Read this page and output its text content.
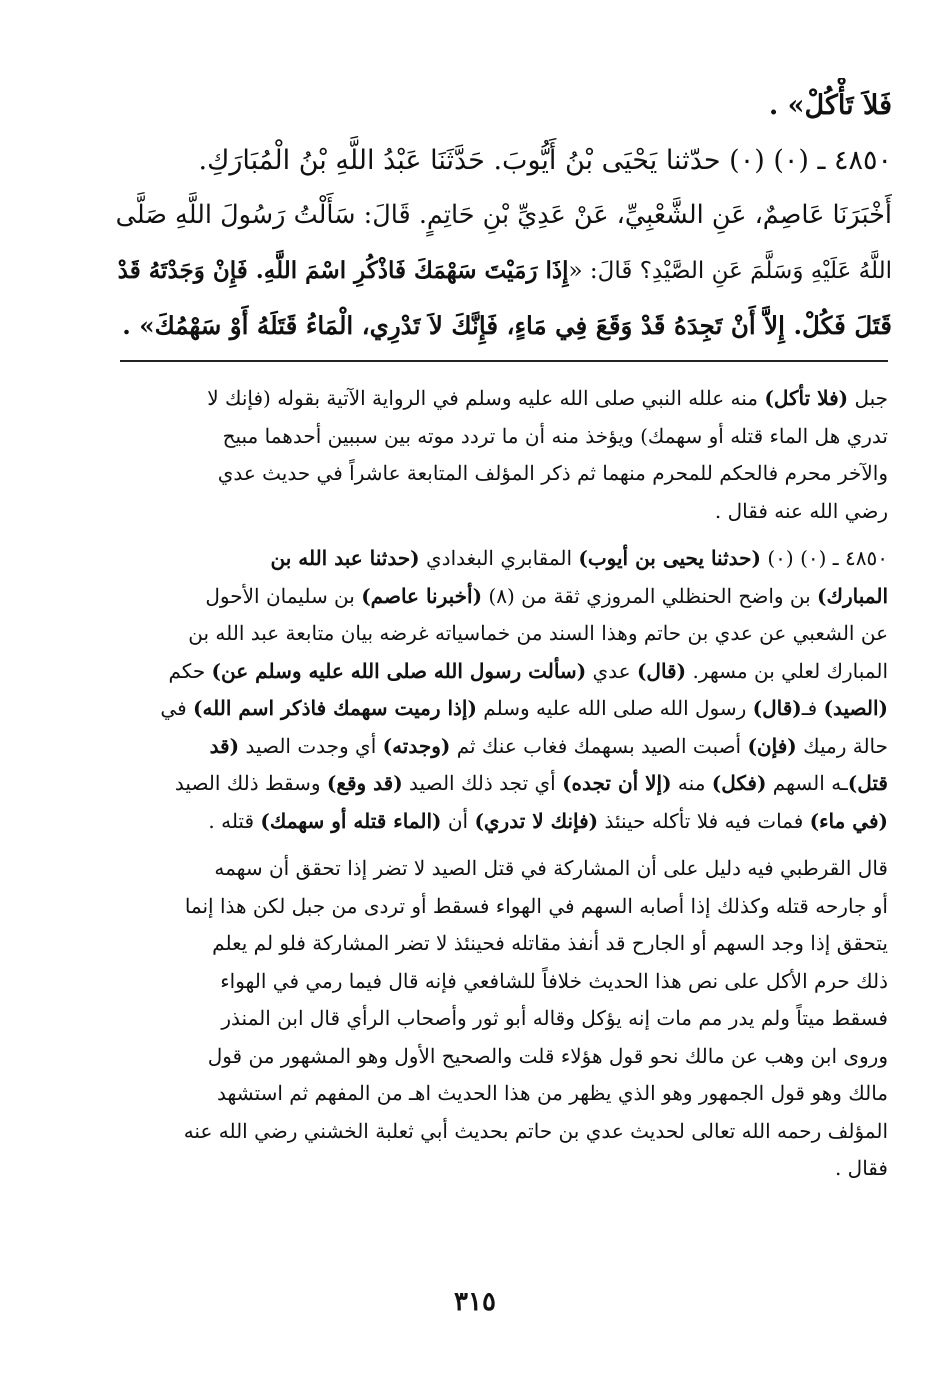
فَلاَ تَأْكُلْ» .
٤٨٥٠ ـ (٠) (٠) حدّثنا يَحْيَى بْنُ أَيُّوبَ. حَدَّثَنَا عَبْدُ اللَّهِ بْنُ الْمُبَارَكِ.
أَخْبَرَنَا عَاصِمٌ، عَنِ الشَّعْبِيِّ، عَنْ عَدِيِّ بْنِ حَاتِمٍ. قَالَ: سَأَلْتُ رَسُولَ اللَّهِ صَلَّى
اللَّهُ عَلَيْهِ وَسَلَّمَ عَنِ الصَّيْدِ؟ قَالَ: «إِذَا رَمَيْتَ سَهْمَكَ فَاذْكُرِ اسْمَ اللَّهِ. فَإِنْ وَجَدْتَهُ قَدْ
قَتَلَ فَكُلْ. إِلاَّ أَنْ تَجِدَهُ قَدْ وَقَعَ فِي مَاءٍ، فَإِنَّكَ لاَ تَدْرِي، الْمَاءُ قَتَلَهُ أَوْ سَهْمُكَ» .
جبل (فلا تأكل) منه علله النبي صلى الله عليه وسلم في الرواية الآتية بقوله (فإنك لا
تدري هل الماء قتله أو سهمك) ويؤخذ منه أن ما تردد موته بين سببين أحدهما مبيح
والآخر محرم فالحكم للمحرم منهما ثم ذكر المؤلف المتابعة عاشراً في حديث عدي
رضي الله عنه فقال .
٤٨٥٠ ـ (٠) (٠) (حدثنا يحيى بن أيوب) المقابري البغدادي (حدثنا عبد الله بن
المبارك) بن واضح الحنظلي المروزي ثقة من (٨) (أخبرنا عاصم) بن سليمان الأحول
عن الشعبي عن عدي بن حاتم وهذا السند من خماسياته غرضه بيان متابعة عبد الله بن
المبارك لعلي بن مسهر. (قال) عدي (سألت رسول الله صلى الله عليه وسلم عن) حكم
(الصيد) فـ(قال) رسول الله صلى الله عليه وسلم (إذا رميت سهمك فاذكر اسم الله) في
حالة رميك (فإن) أصبت الصيد بسهمك فغاب عنك ثم (وجدته) أي وجدت الصيد (قد
قتل)ـه السهم (فكل) منه (إلا أن تجده) أي تجد ذلك الصيد (قد وقع) وسقط ذلك الصيد
(في ماء) فمات فيه فلا تأكله حينئذ (فإنك لا تدري) أن (الماء قتله أو سهمك) قتله .
قال القرطبي فيه دليل على أن المشاركة في قتل الصيد لا تضر إذا تحقق أن سهمه
أو جارحه قتله وكذلك إذا أصابه السهم في الهواء فسقط أو تردى من جبل لكن هذا إنما
يتحقق إذا وجد السهم أو الجارح قد أنفذ مقاتله فحينئذ لا تضر المشاركة فلو لم يعلم
ذلك حرم الأكل على نص هذا الحديث خلافاً للشافعي فإنه قال فيما رمي في الهواء
فسقط ميتاً ولم يدر مم مات إنه يؤكل وقاله أبو ثور وأصحاب الرأي قال ابن المنذر
وروى ابن وهب عن مالك نحو قول هؤلاء قلت والصحيح الأول وهو المشهور من قول
مالك وهو قول الجمهور وهو الذي يظهر من هذا الحديث اهـ من المفهم ثم استشهد
المؤلف رحمه الله تعالى لحديث عدي بن حاتم بحديث أبي ثعلبة الخشني رضي الله عنه
فقال .
٣١٥
